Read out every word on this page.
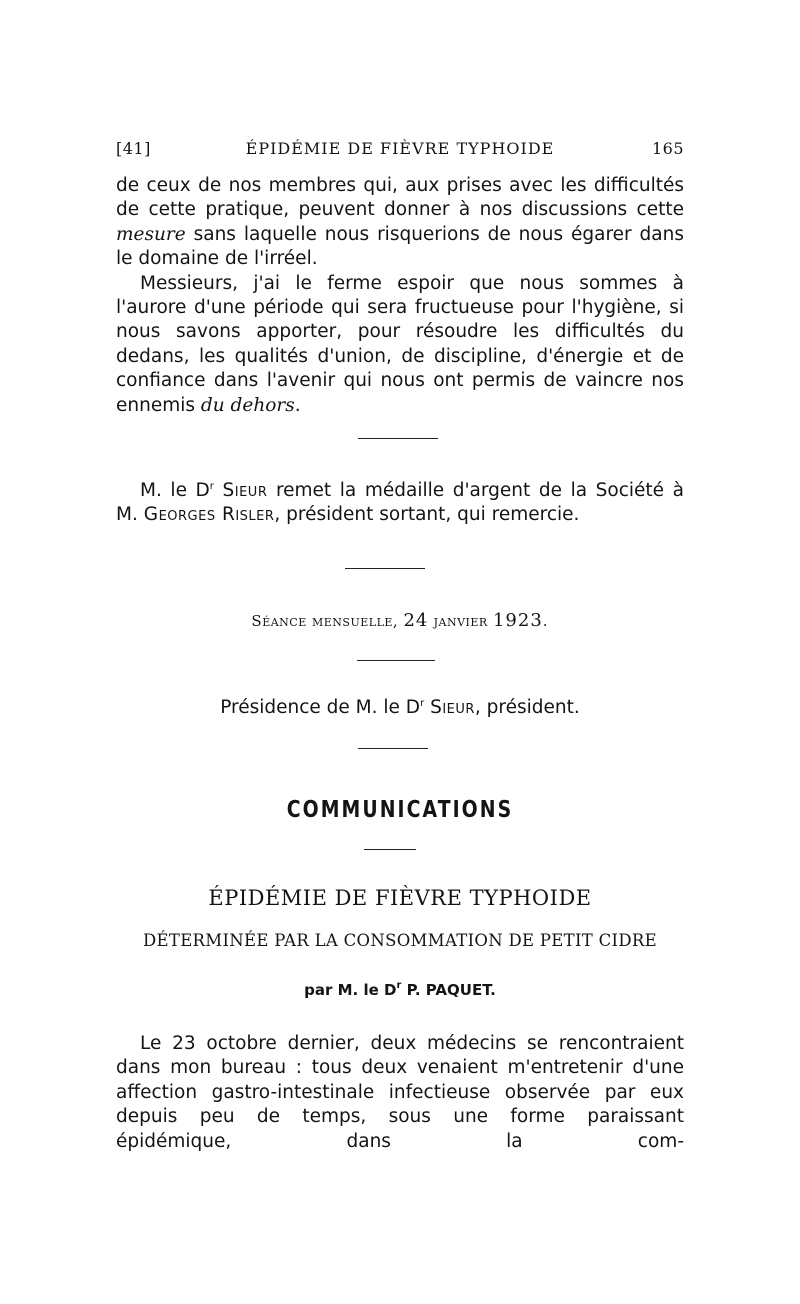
[41]	ÉPIDÉMIE DE FIÈVRE TYPHOIDE	165

de ceux de nos membres qui, aux prises avec les difficultés de cette pratique, peuvent donner à nos discussions cette mesure sans laquelle nous risquerions de nous égarer dans le domaine de l'irréel.

Messieurs, j'ai le ferme espoir que nous sommes à l'aurore d'une période qui sera fructueuse pour l'hygiène, si nous savons apporter, pour résoudre les difficultés du dedans, les qualités d'union, de discipline, d'énergie et de confiance dans l'avenir qui nous ont permis de vaincre nos ennemis du dehors.

M. le $D^r$ Sieur remet la médaille d'argent de la Société à

M. Georges Risler, président sortant, qui remercie.

Séance mensuelle, 24 janvier 1923.
Présidence de M. le $D^r$ Sieur, président.
COMMUNICATIONS
ÉPIDÉMIE DE FIÈVRE TYPHOIDE
DÉTERMINÉE PAR LA CONSOMMATION DE PETIT CIDRE
par M. le $D^r$ P. PAQUET.

Le 23 octobre dernier, deux médecins se rencontraient dans mon bureau : tous deux venaient m'entretenir d'une affection gastro-intestinale infectieuse observée par eux depuis peu de temps, sous une forme paraissant épidémique, dans la com-
